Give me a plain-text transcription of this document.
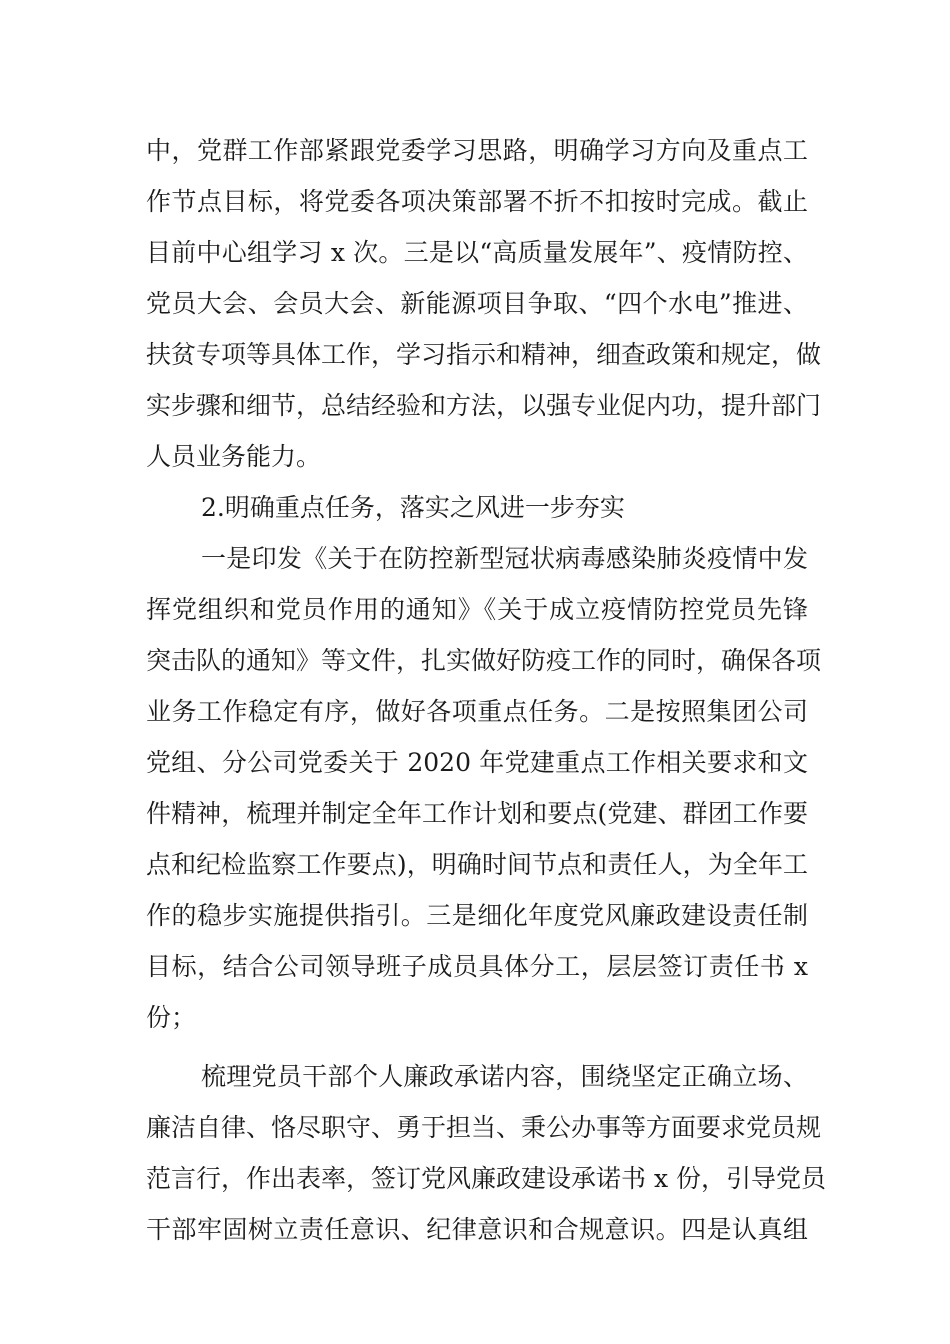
中，党群工作部紧跟党委学习思路，明确学习方向及重点工
作节点目标，将党委各项决策部署不折不扣按时完成。截止
目前中心组学习 x 次。三是以“高质量发展年”、疫情防控、
党员大会、会员大会、新能源项目争取、“四个水电”推进、
扶贫专项等具体工作，学习指示和精神，细查政策和规定，做
实步骤和细节，总结经验和方法，以强专业促内功，提升部门
人员业务能力。
2.明确重点任务，落实之风进一步夯实
一是印发《关于在防控新型冠状病毒感染肺炎疫情中发
挥党组织和党员作用的通知》《关于成立疫情防控党员先锋
突击队的通知》等文件，扎实做好防疫工作的同时，确保各项
业务工作稳定有序，做好各项重点任务。二是按照集团公司
党组、分公司党委关于 2020 年党建重点工作相关要求和文
件精神，梳理并制定全年工作计划和要点(党建、群团工作要
点和纪检监察工作要点)，明确时间节点和责任人，为全年工
作的稳步实施提供指引。三是细化年度党风廉政建设责任制
目标，结合公司领导班子成员具体分工，层层签订责任书 x
份；
梳理党员干部个人廉政承诺内容，围绕坚定正确立场、
廉洁自律、恪尽职守、勇于担当、秉公办事等方面要求党员规
范言行，作出表率，签订党风廉政建设承诺书 x 份，引导党员
干部牢固树立责任意识、纪律意识和合规意识。四是认真组
